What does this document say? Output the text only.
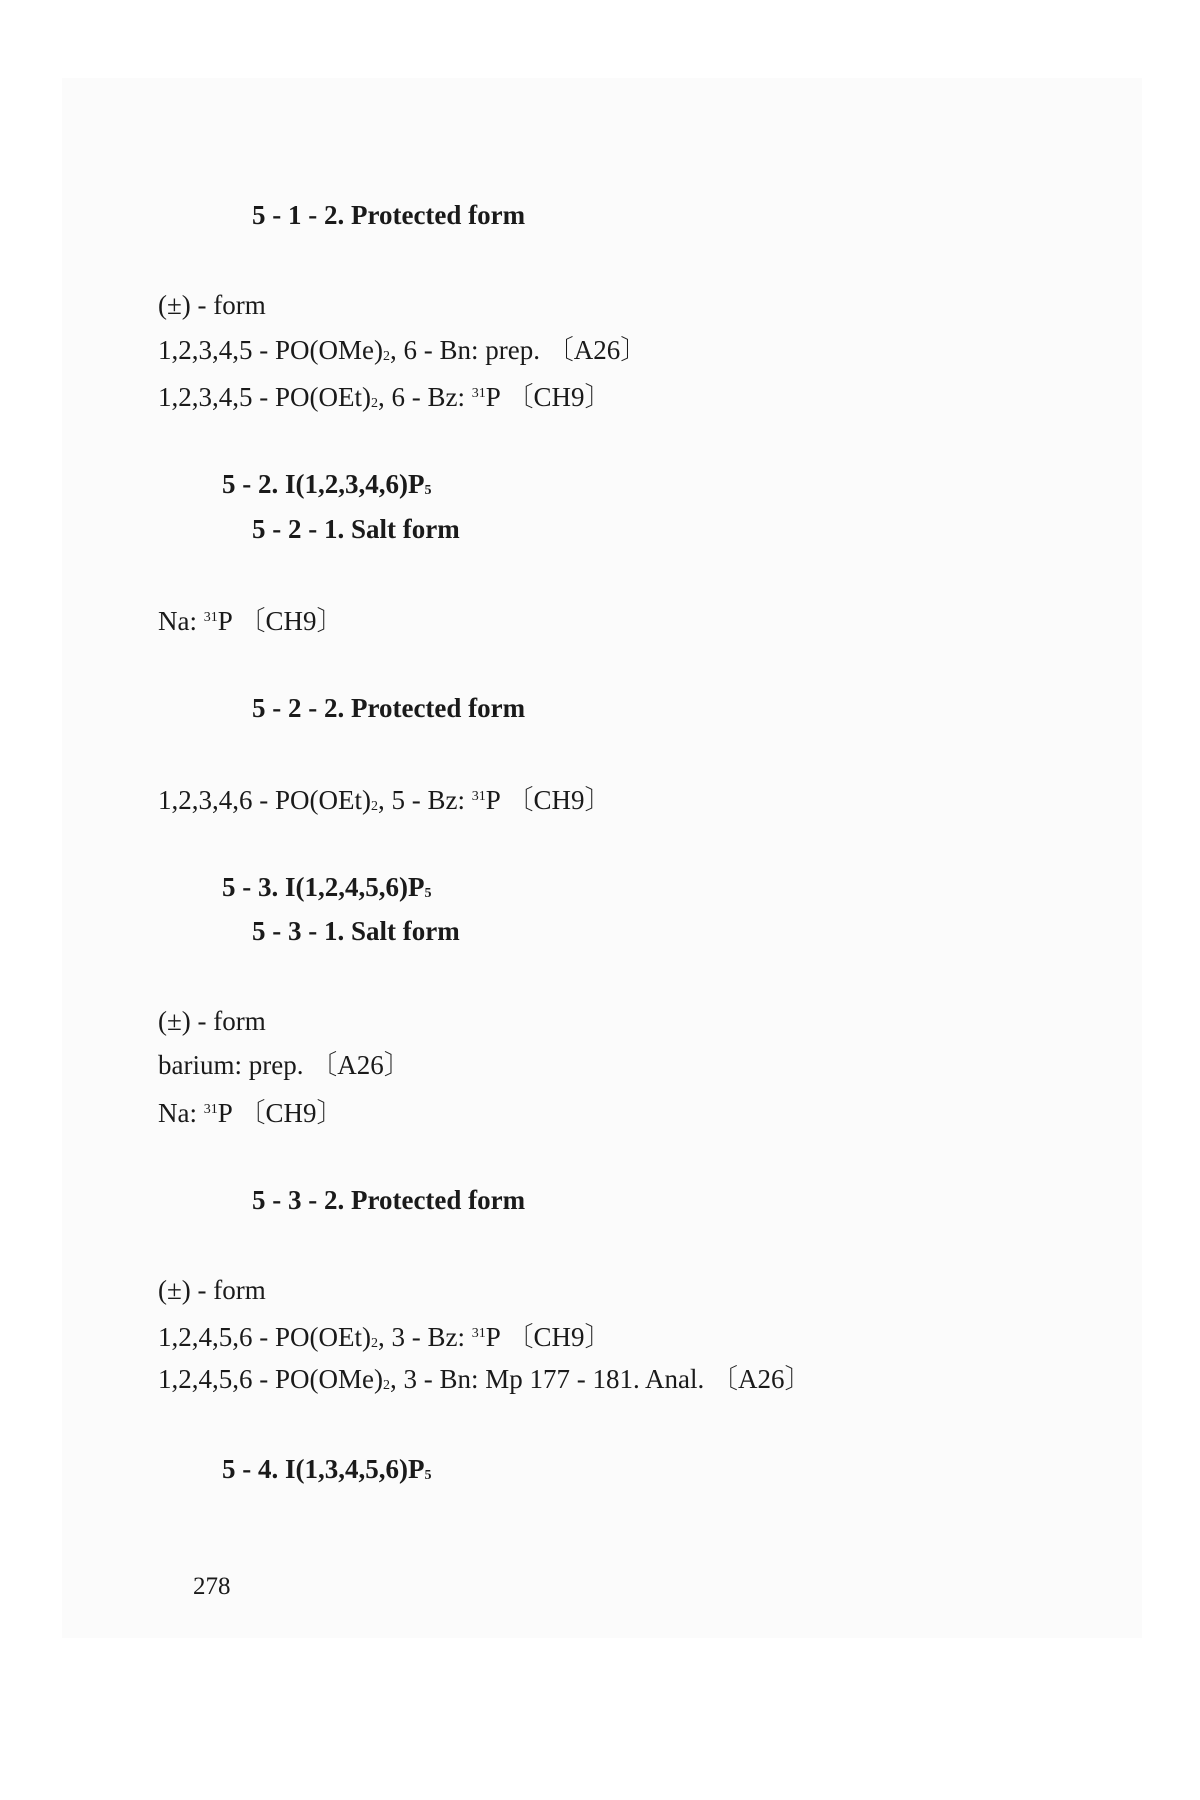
5 - 1 - 2. Protected form
(±) - form
$1,2,3,4,5 - PO(OMe)_2$, 6 - Bn: prep. 〔A26〕
$1,2,3,4,5 - PO(OEt)_2$, 6 - Bz: $^{31}$P 〔CH9〕
5 - 2. $I(1,2,3,4,6)P_5$
5 - 2 - 1. Salt form
Na: $^{31}$P 〔CH9〕
5 - 2 - 2. Protected form
$1,2,3,4,6 - PO(OEt)_2$, 5 - Bz: $^{31}$P 〔CH9〕
5 - 3. $I(1,2,4,5,6)P_5$
5 - 3 - 1. Salt form
(±) - form
barium: prep. 〔A26〕
Na: $^{31}$P 〔CH9〕
5 - 3 - 2. Protected form
(±) - form
$1,2,4,5,6 - PO(OEt)_2$, 3 - Bz: $^{31}$P 〔CH9〕
$1,2,4,5,6 - PO(OMe)_2$, 3 - Bn: Mp 177 - 181. Anal. 〔A26〕
5 - 4. $I(1,3,4,5,6)P_5$
278
